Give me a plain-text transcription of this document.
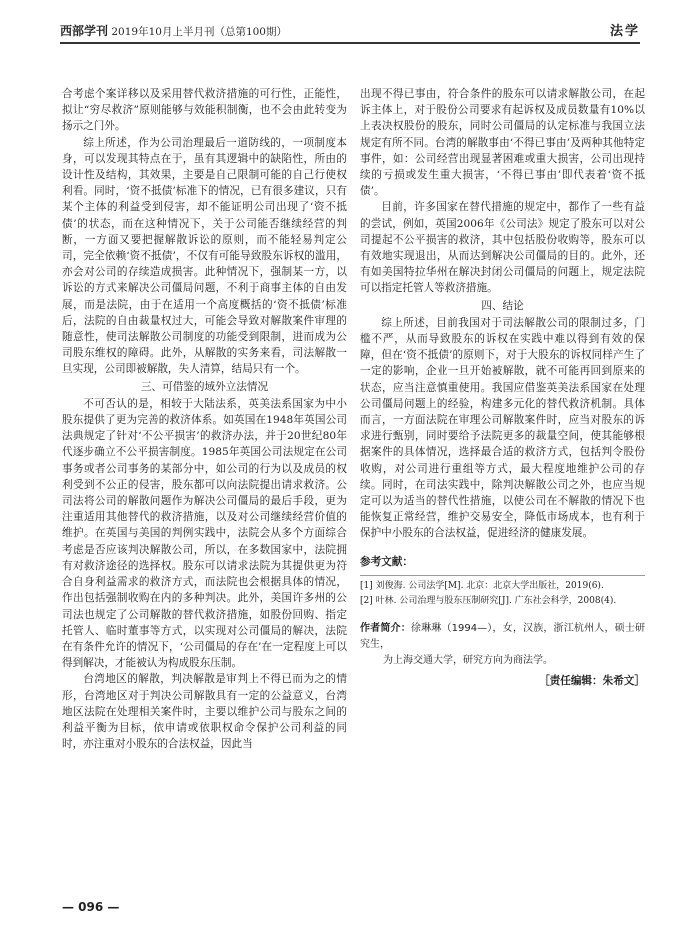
西部学刊 2019年10月上半月刊（总第100期）	法学

合考虑个案详移以及采用替代救济措施的可行性，正能性，拟让“穷尽救济”原则能够与效能积制衡，也不会由此转变为扬示之门外。

综上所述，作为公司治理最后一道防线的，一项制度本身，可以发现其特点在于，虽有其逻辑中的缺陷性，所由的设计性及结构，其效果，主要是自己限制可能的自己行使权利看。同时，‘资不抵债’标准下的情况，已有很多建议，只有某个主体的利益受到侵害，却不能证明公司出现了‘资不抵债’的状态，而在这种情况下，关于公司能否继续经营的判断，一方面又要把握解散诉讼的原则，而不能轻易判定公司，完全依赖‘资不抵债’，不仅有可能导致股东诉权的滥用，亦会对公司的存续造成损害。此种情况下，强制某一方，以诉讼的方式来解决公司僵局问题，不利于商事主体的自由发展，而是法院，由于在适用一个高度概括的‘资不抵债’标准后，法院的自由裁量权过大，可能会导致对解散案件审理的随意性，使司法解散公司制度的功能受到限制，进而成为公司股东维权的障碍。此外，从解散的实务来看，司法解散一旦实现，公司即被解散，失人清算，结局只有一个。

三、可借鉴的域外立法情况

不可否认的是，相较于大陆法系，英美法系国家为中小股东提供了更为完善的救济体系。如英国在1948年英国公司法典规定了针对‘不公平损害’的救济办法，并于20世纪80年代逐步确立不公平损害制度。1985年英国公司法规定在公司事务或者公司事务的某部分中，如公司的行为以及成员的权利受到不公正的侵害，股东都可以向法院提出请求救济。公司法将公司的解散问题作为解决公司僵局的最后手段，更为注重适用其他替代的救济措施，以及对公司继续经营价值的维护。在英国与美国的判例实践中，法院会从多个方面综合考虑是否应该判决解散公司，所以，在多数国家中，法院拥有对救济途径的选择权。股东可以请求法院为其提供更为符合自身利益需求的救济方式，而法院也会根据具体的情况，作出包括强制收购在内的多种判决。此外，美国许多州的公司法也规定了公司解散的替代救济措施，如股份回购、指定托管人、临时董事等方式，以实现对公司僵局的解决，法院在有条件允许的情况下，‘公司僵局的存在’在一定程度上可以得到解决，才能被认为构成股东压制。

台湾地区的解散，判决解散是审判上不得已而为之的情形，台湾地区对于判决公司解散具有一定的公益意义，台湾地区法院在处理相关案件时，主要以维护公司与股东之间的利益平衡为目标，依申请或依职权命令保护公司利益的同时，亦注重对小股东的合法权益，因此当

出现不得已事由，符合条件的股东可以请求解散公司，在起诉主体上，对于股份公司要求有起诉权及成员数量有10%以上表决权股份的股东，同时公司僵局的认定标准与我国立法规定有所不同。台湾的解散事由‘不得已事由’及两种其他特定事件，如：公司经营出现显著困难或重大损害，公司出现持续的亏损或发生重大损害，‘不得已事由’即代表着‘资不抵债’。

目前，许多国家在替代措施的规定中，都作了一些有益的尝试，例如，英国2006年《公司法》规定了股东可以对公司提起不公平损害的救济，其中包括股份收购等，股东可以有效地实现退出，从而达到解决公司僵局的目的。此外，还有如美国特拉华州在解决封闭公司僵局的问题上，规定法院可以指定托管人等救济措施。

四、结论

综上所述，目前我国对于司法解散公司的限制过多，门槛不严，从而导致股东的诉权在实践中难以得到有效的保障，但在‘资不抵债’的原则下，对于大股东的诉权同样产生了一定的影响，企业一旦开始被解散，就不可能再回到原来的状态，应当注意慎重使用。我国应借鉴英美法系国家在处理公司僵局问题上的经验，构建多元化的替代救济机制。具体而言，一方面法院在审理公司解散案件时，应当对股东的诉求进行甄别，同时要给予法院更多的裁量空间，使其能够根据案件的具体情况，选择最合适的救济方式，包括判令股份收购，对公司进行重组等方式，最大程度地维护公司的存续。同时，在司法实践中，除判决解散公司之外，也应当规定可以为适当的替代性措施，以使公司在不解散的情况下也能恢复正常经营，维护交易安全，降低市场成本，也有利于保护中小股东的合法权益，促进经济的健康发展。

参考文献：
[1] 刘俊海. 公司法学[M]. 北京：北京大学出版社，2019(6).
[2] 叶林. 公司治理与股东压制研究[J]. 广东社会科学，2008(4).
作者简介：徐琳琳（1994—），女，汉族，浙江杭州人，硕士研究生，
为上海交通大学，研究方向为商法学。
［责任编辑：朱希文］
— 096 —
